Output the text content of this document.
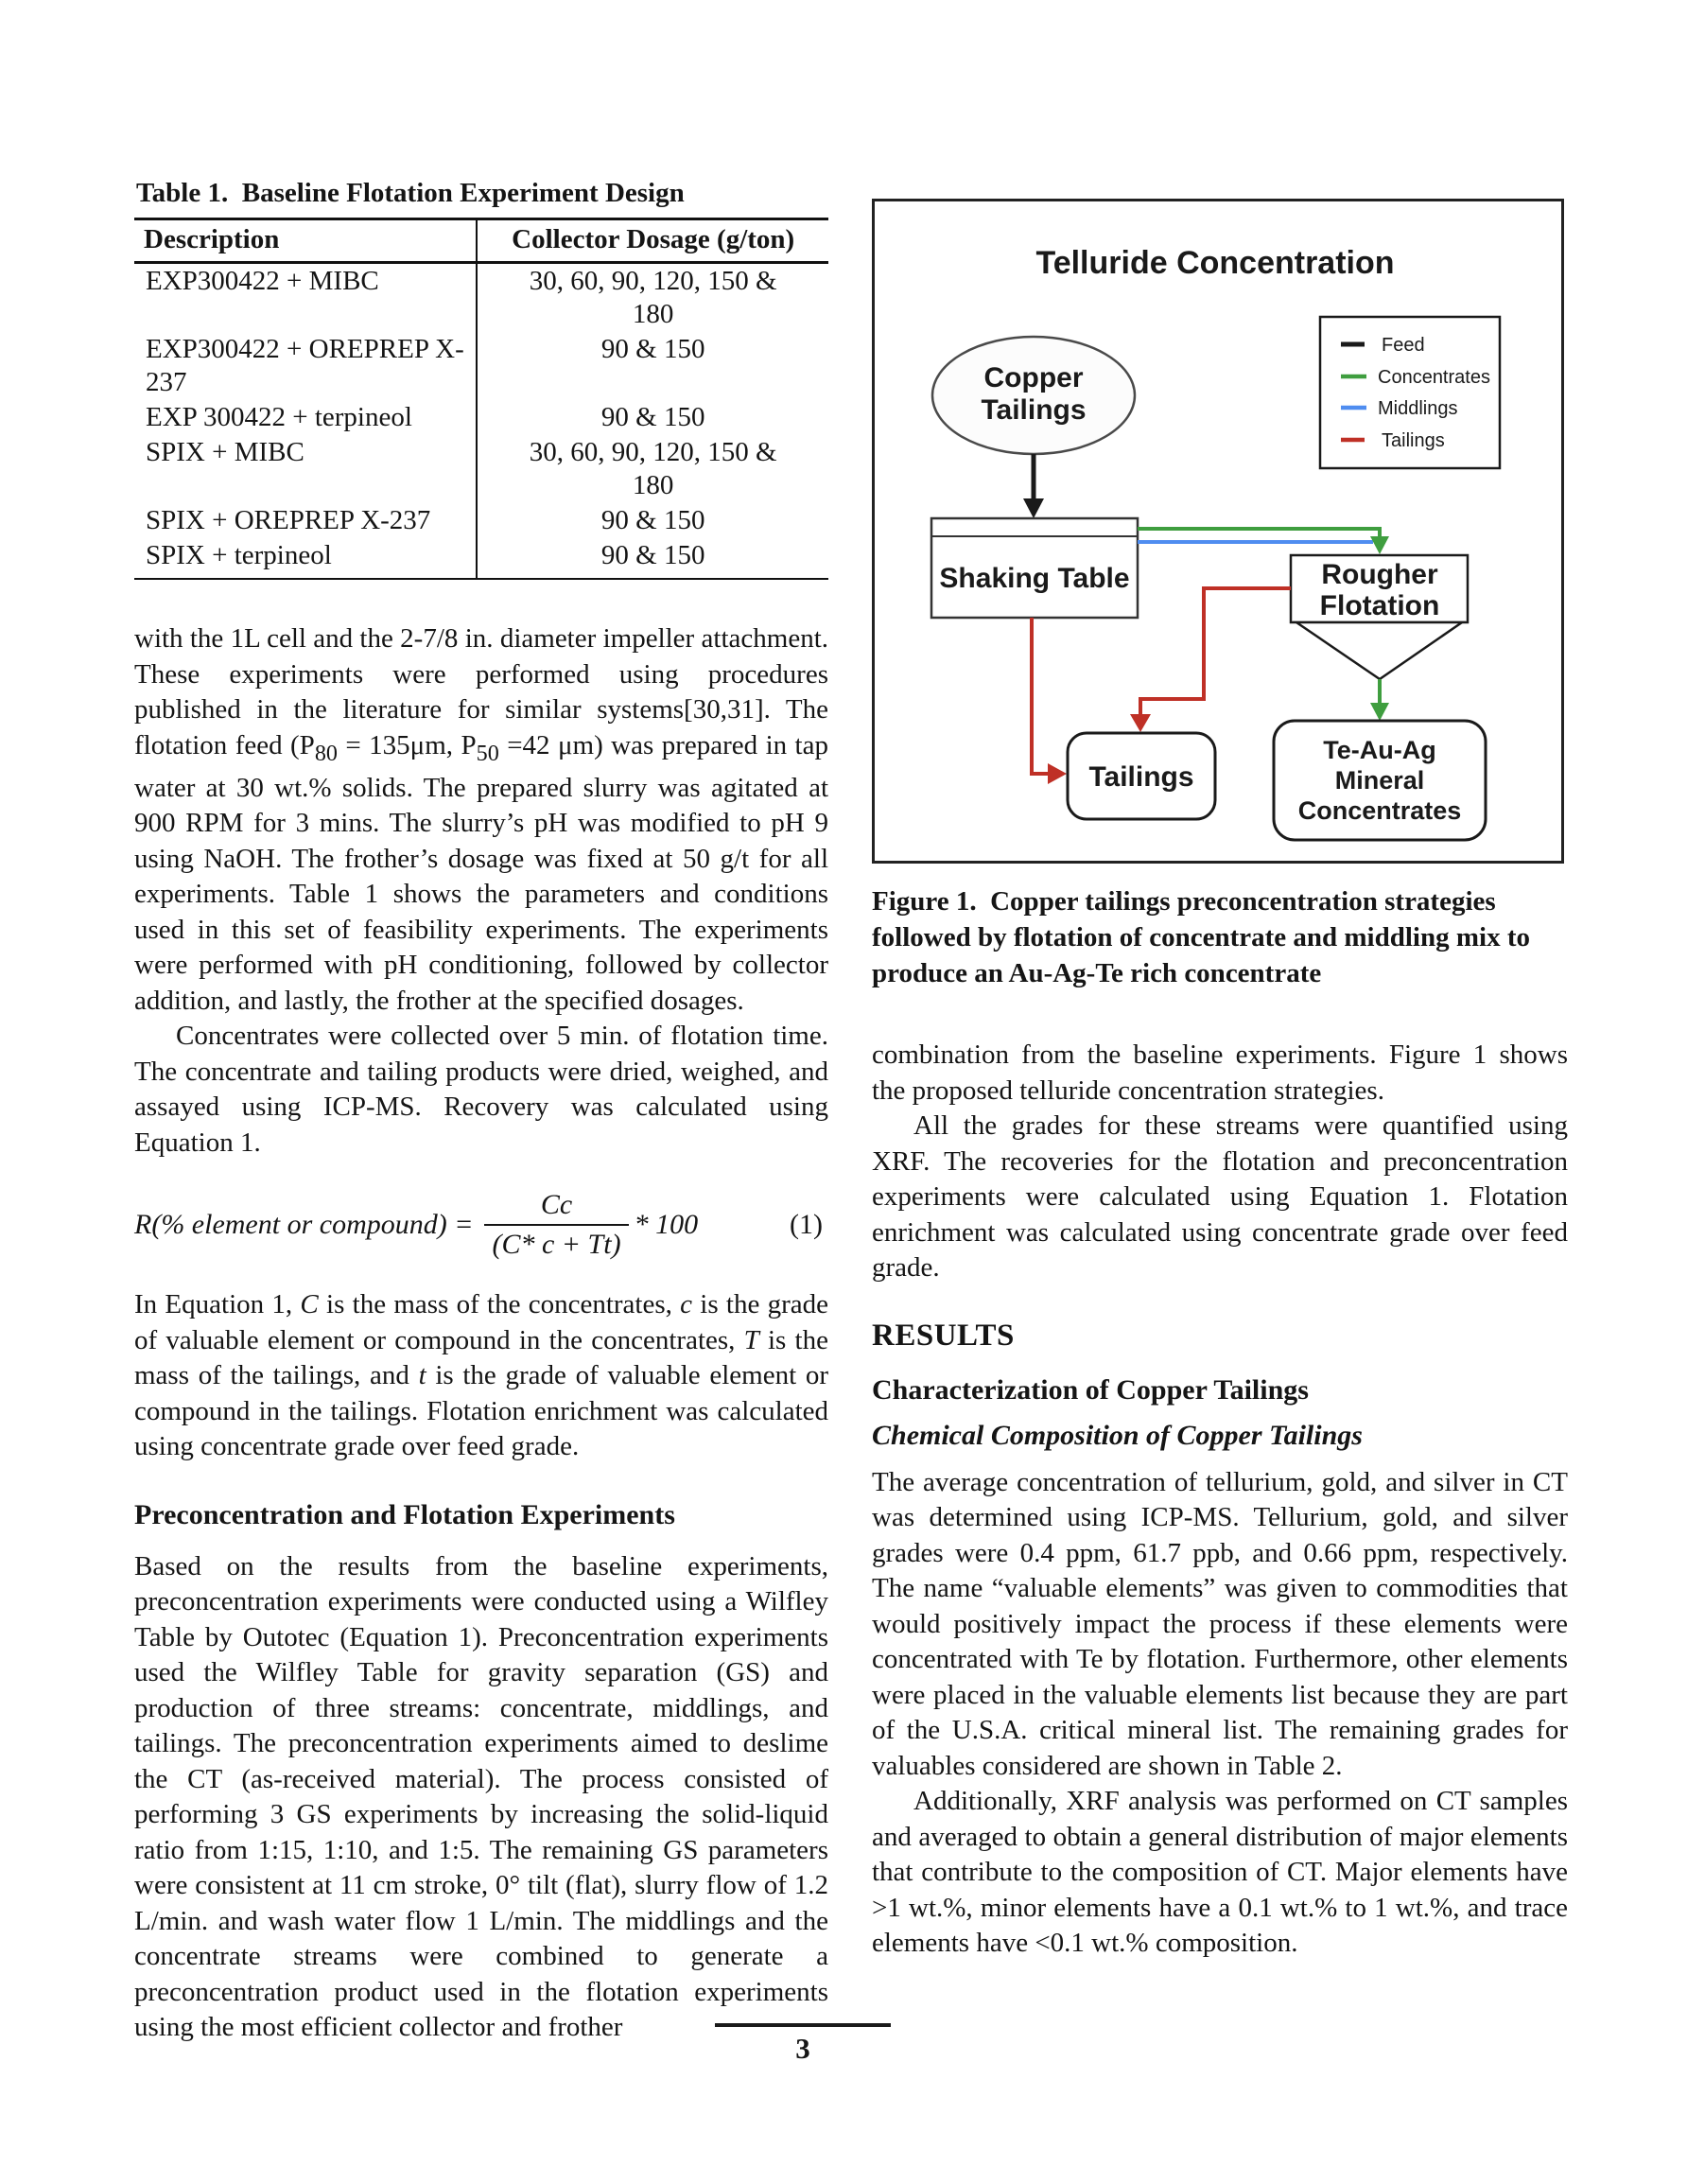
Table 1.  Baseline Flotation Experiment Design
Description	Collector Dosage (g/ton)
EXP300422 + MIBC	30, 60, 90, 120, 150 & 180
EXP300422 + OREPREP X-237	90 & 150
EXP 300422 + terpineol	90 & 150
SPIX + MIBC	30, 60, 90, 120, 150 & 180
SPIX + OREPREP X-237	90 & 150
SPIX + terpineol	90 & 150

with the 1L cell and the 2-7/8 in. diameter impeller attachment. These experiments were performed using procedures published in the literature for similar systems[30,31]. The flotation feed ($P_{80} = 135\mu m$, $P_{50} =42$ μm) was prepared in tap water at 30 wt.% solids. The prepared slurry was agitated at 900 RPM for 3 mins. The slurry’s pH was modified to pH 9 using NaOH. The frother’s dosage was fixed at 50 g/t for all experiments. Table 1 shows the parameters and conditions used in this set of feasibility experiments. The experiments were performed with pH conditioning, followed by collector addition, and lastly, the frother at the specified dosages.

Concentrates were collected over 5 min. of flotation time. The concentrate and tailing products were dried, weighed, and assayed using ICP-MS. Recovery was calculated using Equation 1.

R(% element or compound) = $\frac{Cc}{(C* c + Tt)} * 100$	(1)

In Equation 1, C is the mass of the concentrates, c is the grade of valuable element or compound in the concentrates, T is the mass of the tailings, and t is the grade of valuable element or compound in the tailings. Flotation enrichment was calculated using concentrate grade over feed grade.

Preconcentration and Flotation Experiments

Based on the results from the baseline experiments, preconcentration experiments were conducted using a Wilfley Table by Outotec (Equation 1). Preconcentration experiments used the Wilfley Table for gravity separation (GS) and production of three streams: concentrate, middlings, and tailings. The preconcentration experiments aimed to deslime the CT (as-received material). The process consisted of performing 3 GS experiments by increasing the solid-liquid ratio from 1:15, 1:10, and 1:5. The remaining GS parameters were consistent at 11 cm stroke, 0° tilt (flat), slurry flow of 1.2 L/min. and wash water flow 1 L/min. The middlings and the concentrate streams were combined to generate a preconcentration product used in the flotation experiments using the most efficient collector and frother

Telluride Concentration
Feed
Concentrates
Middlings
Tailings
Copper
Tailings
Shaking Table	Rougher
Flotation
Tailings
Te-Au-Ag
Mineral
Concentrates
Figure 1.  Copper tailings preconcentration strategies followed by flotation of concentrate and middling mix to produce an Au-Ag-Te rich concentrate

combination from the baseline experiments. Figure 1 shows the proposed telluride concentration strategies.

All the grades for these streams were quantified using XRF. The recoveries for the flotation and preconcentration experiments were calculated using Equation 1. Flotation enrichment was calculated using concentrate grade over feed grade.

RESULTS
Characterization of Copper Tailings
Chemical Composition of Copper Tailings

The average concentration of tellurium, gold, and silver in CT was determined using ICP-MS. Tellurium, gold, and silver grades were 0.4 ppm, 61.7 ppb, and 0.66 ppm, respectively. The name “valuable elements” was given to commodities that would positively impact the process if these elements were concentrated with Te by flotation. Furthermore, other elements were placed in the valuable elements list because they are part of the U.S.A. critical mineral list. The remaining grades for valuables considered are shown in Table 2.

Additionally, XRF analysis was performed on CT samples and averaged to obtain a general distribution of major elements that contribute to the composition of CT. Major elements have >1 wt.%, minor elements have a 0.1 wt.% to 1 wt.%, and trace elements have <0.1 wt.% composition.

3
